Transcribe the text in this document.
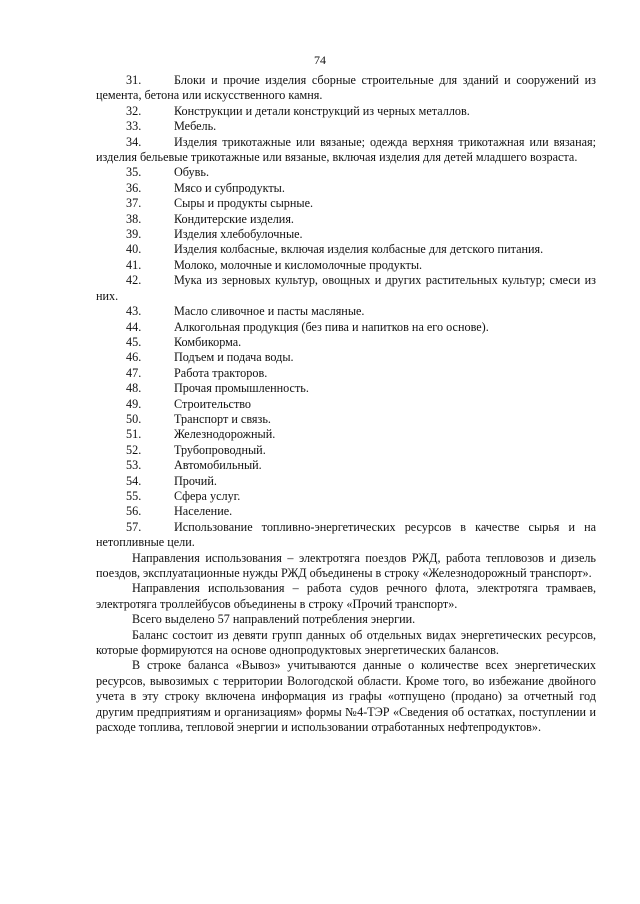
74
31.	Блоки и прочие изделия сборные строительные для зданий и сооружений из цемента, бетона или искусственного камня.
32.	Конструкции и детали конструкций из черных металлов.
33.	Мебель.
34.	Изделия трикотажные или вязаные; одежда верхняя трикотажная или вязаная; изделия бельевые трикотажные или вязаные, включая изделия для детей младшего возраста.
35.	Обувь.
36.	Мясо и субпродукты.
37.	Сыры и продукты сырные.
38.	Кондитерские изделия.
39.	Изделия хлебобулочные.
40.	Изделия колбасные, включая изделия колбасные для детского питания.
41.	Молоко, молочные и кисломолочные продукты.
42.	Мука из зерновых культур, овощных и других растительных культур; смеси из них.
43.	Масло сливочное и пасты масляные.
44.	Алкогольная продукция (без пива и напитков на его основе).
45.	Комбикорма.
46.	Подъем и подача воды.
47.	Работа тракторов.
48.	Прочая промышленность.
49.	Строительство
50.	Транспорт и связь.
51.	Железнодорожный.
52.	Трубопроводный.
53.	Автомобильный.
54.	Прочий.
55.	Сфера услуг.
56.	Население.
57.	Использование топливно-энергетических ресурсов в качестве сырья и на нетопливные цели.
Направления использования – электротяга поездов РЖД, работа тепловозов и дизель поездов, эксплуатационные нужды РЖД объединены в строку «Железнодорожный транспорт».
Направления использования – работа судов речного флота, электротяга трамваев, электротяга троллейбусов объединены в строку «Прочий транспорт».
Всего выделено 57 направлений потребления энергии.
Баланс состоит из девяти групп данных об отдельных видах энергетических ресурсов, которые формируются на основе однопродуктовых энергетических балансов.
В строке баланса «Вывоз» учитываются данные о количестве всех энергетических ресурсов, вывозимых с территории Вологодской области. Кроме того, во избежание двойного учета в эту строку включена информация из графы «отпущено (продано) за отчетный год другим предприятиям и организациям» формы №4-ТЭР «Сведения об остатках, поступлении и расходе топлива, тепловой энергии и использовании отработанных нефтепродуктов».
